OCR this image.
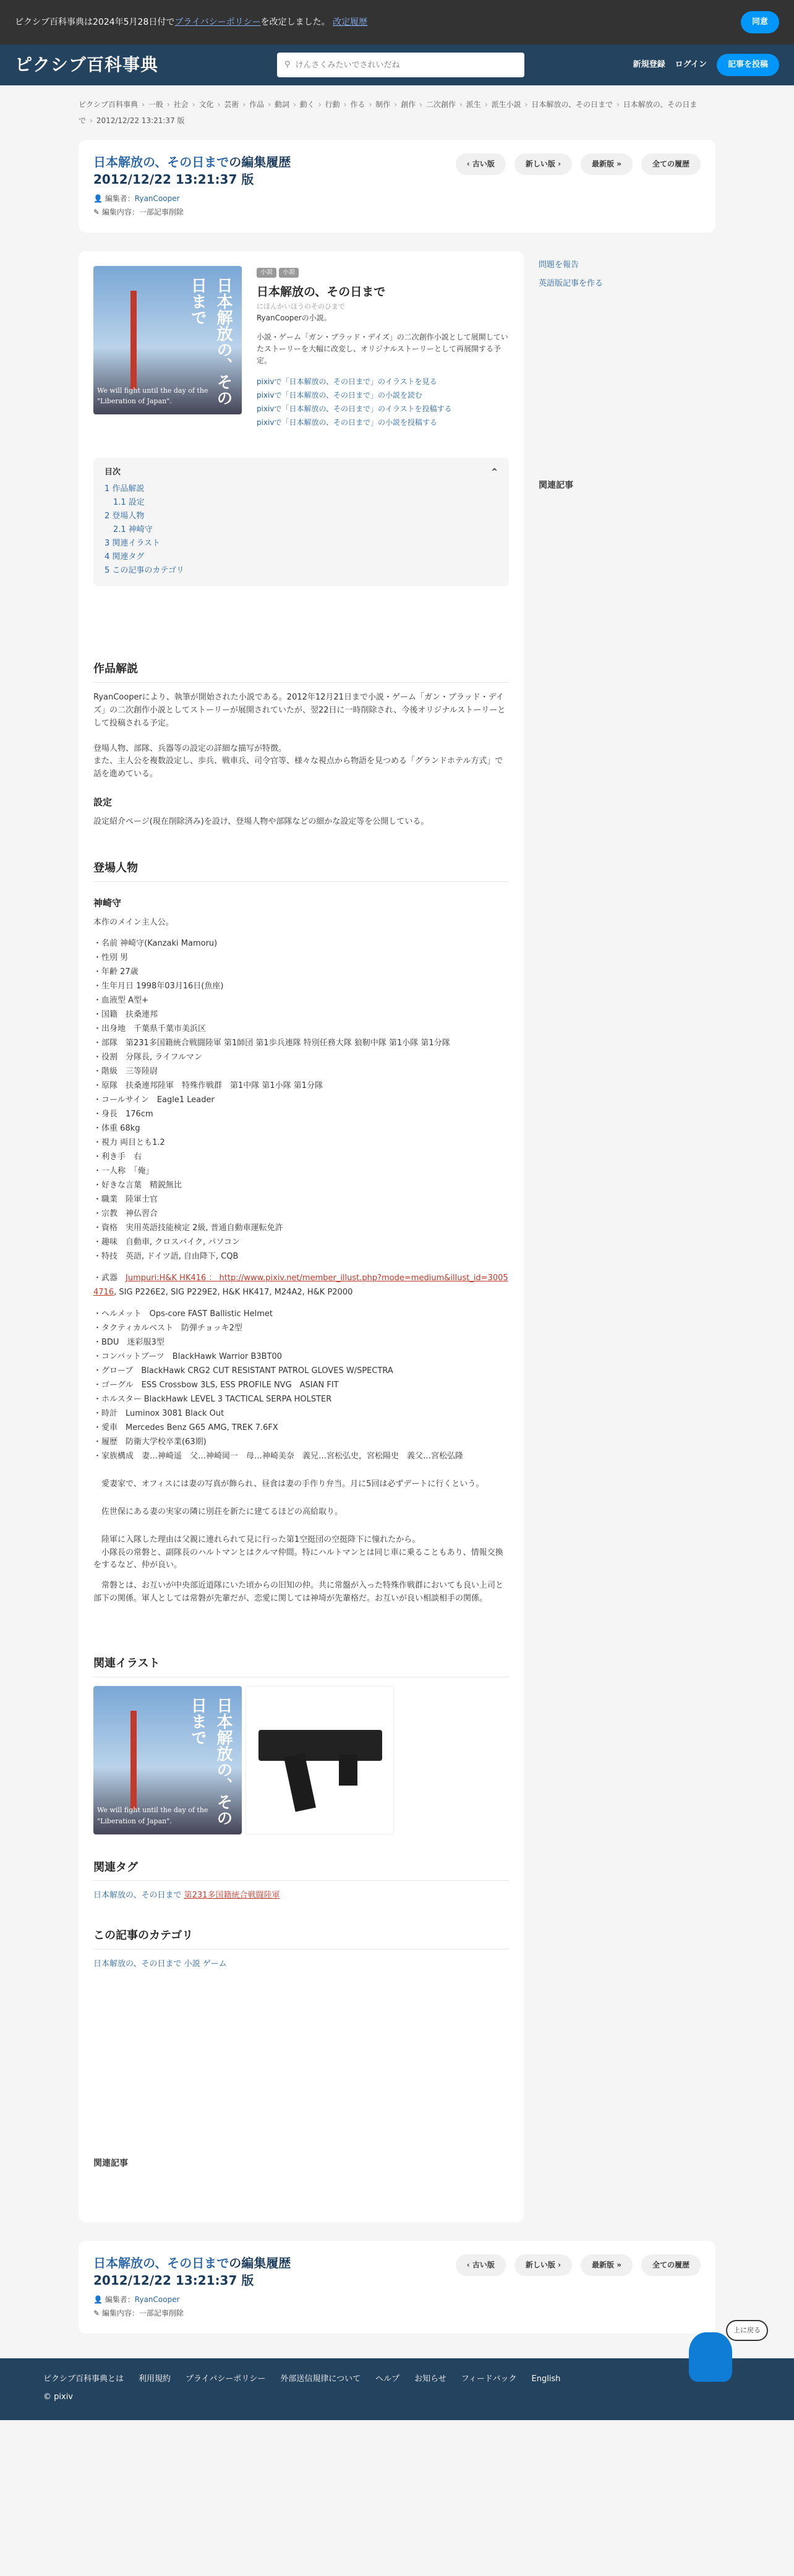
ピクシブ百科事典は2024年5月28日付でプライバシーポリシーを改定しました。 改定履歴	同意
ピクシブ百科事典	⚲
けんさくみたいでされいだね	新規登録 ログイン	記事を投稿
ピクシブ百科事典 › 一般 › 社会 › 文化 › 芸術 › 作品 › 動詞 › 動く › 行動 › 作る › 制作 › 創作 › 二次創作 › 派生 › 派生小説 › 日本解放の、その日まで › 日本解放の、その日まで › 2012/12/22 13:21:37 版
日本解放の、その日までの編集履歴
2012/12/22 13:21:37 版
👤 編集者：RyanCooper
✎ 編集内容：一部記事削除
‹ 古い版	新しい版 ›	最新版 »	全ての履歴
日本解放の、その日まで
We will fight until the day of the "Liberation of Japan".
小説 小説
日本解放の、その日まで
にほんかいほうのそのひまで
RyanCooperの小説。

小説・ゲーム「ガン・ブラッド・デイズ」の二次創作小説として展開していたストーリーを大幅に改変し、オリジナルストーリーとして再展開する予定。

pixivで「日本解放の、その日まで」のイラストを見る
pixivで「日本解放の、その日まで」の小説を読む
pixivで「日本解放の、その日まで」のイラストを投稿する
pixivで「日本解放の、その日まで」の小説を投稿する
目次	^
1 作品解説
1.1 設定
2 登場人物
2.1 神崎守
3 関連イラスト
4 関連タグ
5 この記事のカテゴリ
作品解説

RyanCooperにより、執筆が開始された小説である。2012年12月21日まで小説・ゲーム「ガン・ブラッド・デイズ」の二次創作小説としてストーリーが展開されていたが、翌22日に一時削除され、今後オリジナルストーリーとして投稿される予定。

登場人物、部隊、兵器等の設定の詳細な描写が特徴。

また、主人公を複数設定し、歩兵、戦車兵、司令官等、様々な視点から物語を見つめる「グランドホテル方式」で話を進めている。

設定

設定紹介ページ(現在削除済み)を設け、登場人物や部隊などの細かな設定等を公開している。

登場人物
神崎守

本作のメイン主人公。

・名前 神崎守(Kanzaki Mamoru)
・性別 男
・年齢 27歳
・生年月日 1998年03月16日(魚座)
・血液型 A型+
・国籍　扶桑連邦
・出身地　千葉県千葉市美浜区
・部隊　第231多国籍統合戦闘陸軍 第1師団 第1歩兵連隊 特別任務大隊 狼靭中隊 第1小隊 第1分隊
・役割　分隊長, ライフルマン
・階級　三等陸尉
・原隊　扶桑連邦陸軍　特殊作戦群　第1中隊 第1小隊 第1分隊
・コールサイン　Eagle1 Leader
・身長　176cm
・体重 68kg
・視力 両目とも1.2
・利き手　右
・一人称　「俺」
・好きな言葉　精鋭無比
・職業　陸軍士官
・宗教　神仏習合
・資格　実用英語技能検定 2級, 普通自動車運転免許
・趣味　自動車, クロスバイク, パソコン
・特技　英語, ドイツ語, 自由降下, CQB
・武器　 Jumpuri:H&K HK416 ： http://www.pixiv.net/member_illust.php?mode=medium&illust_id=30054716, SIG P226E2, SIG P229E2, H&K HK417, M24A2, H&K P2000
・ヘルメット　Ops-core FAST Ballistic Helmet
・タクティカルベスト　防弾チョッキ2型
・BDU　迷彩服3型
・コンバットブーツ　BlackHawk Warrior B3BT00
・グローブ　BlackHawk CRG2 CUT RESISTANT PATROL GLOVES W/SPECTRA
・ゴーグル　ESS Crossbow 3LS, ESS PROFILE NVG　ASIAN FIT
・ホルスター BlackHawk LEVEL 3 TACTICAL SERPA HOLSTER
・時計　Luminox 3081 Black Out
・愛車　Mercedes Benz G65 AMG, TREK 7.6FX
・履歴　防衛大学校卒業(63期)
・家族構成　妻…神崎遥　父…神崎岡一　母…神崎美奈　義兄…宮松弘史，宮松陽史　義父…宮松弘隆

　愛妻家で、オフィスには妻の写真が飾られ、昼食は妻の手作り弁当。月に5回は必ずデートに行くという。

　佐世保にある妻の実家の隣に別荘を新たに建てるほどの高給取り。

　陸軍に入隊した理由は父親に連れられて見に行った第1空挺団の空挺降下に憧れたから。

　小隊長の常磐と、副隊長のハルトマンとはクルマ仲間。特にハルトマンとは同じ車に乗ることもあり、情報交換をするなど、仲が良い。

　常磐とは、お互いが中央部近道隊にいた頃からの旧知の仲。共に常盤が入った特殊作戦群においても良い上司と部下の関係。軍人としては常磐が先輩だが、恋愛に関しては神埼が先輩格だ。お互いが良い相談相手の関係。

関連イラスト
日本解放の、その日まで
We will fight until the day of the "Liberation of Japan".
関連タグ
日本解放の、その日まで 第231多国籍統合戦闘陸軍
この記事のカテゴリ
日本解放の、その日まで 小説 ゲーム
関連記事
問題を報告
英語版記事を作る
関連記事
日本解放の、その日までの編集履歴
2012/12/22 13:21:37 版
👤 編集者：RyanCooper
✎ 編集内容：一部記事削除
‹ 古い版	新しい版 ›	最新版 »	全ての履歴
上に戻る
ピクシブ百科事典とは 利用規約 プライバシーポリシー 外部送信規律について ヘルプ お知らせ フィードバック English
© pixiv
